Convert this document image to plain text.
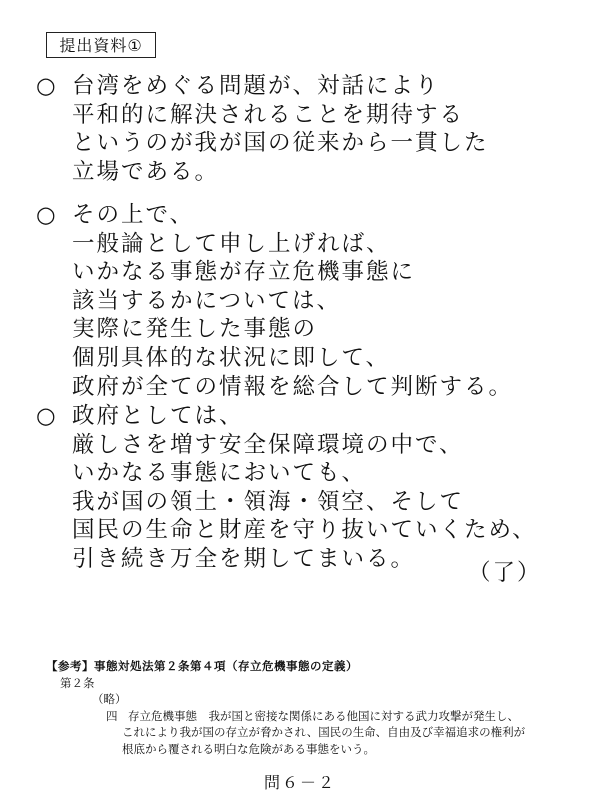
提出資料①
○ 台湾をめぐる問題が、対話により
平和的に解決されることを期待する
というのが我が国の従来から一貫した
立場である。
○ その上で、
一般論として申し上げれば、
いかなる事態が存立危機事態に
該当するかについては、
実際に発生した事態の
個別具体的な状況に即して、
政府が全ての情報を総合して判断する。
○ 政府としては、
厳しさを増す安全保障環境の中で、
いかなる事態においても、
我が国の領土・領海・領空、そして
国民の生命と財産を守り抜いていくため、
引き続き万全を期してまいる。
（了）
【参考】事態対処法第２条第４項（存立危機事態の定義）
第２条
（略）
四 存立危機事態　我が国と密接な関係にある他国に対する武力攻撃が発生し、
これにより我が国の存立が脅かされ、国民の生命、自由及び幸福追求の権利が
根底から覆される明白な危険がある事態をいう。
問６－２
